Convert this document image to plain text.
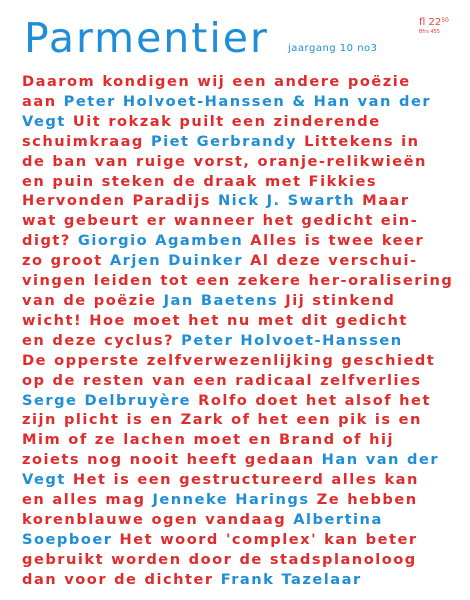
Parmentier jaargang 10 no3
fl $22^{50}$
Bfrs 455
Daarom kondigen wij een andere poëzie
aan Peter Holvoet-Hanssen & Han van der
Vegt Uit rokzak puilt een zinderende
schuimkraag Piet Gerbrandy Littekens in
de ban van ruige vorst, oranje-relikwieën
en puin steken de draak met Fikkies
Hervonden Paradijs Nick J. Swarth Maar
wat gebeurt er wanneer het gedicht ein-
digt? Giorgio Agamben Alles is twee keer
zo groot Arjen Duinker Al deze verschui-
vingen leiden tot een zekere her-oralisering
van de poëzie Jan Baetens Jij stinkend
wicht! Hoe moet het nu met dit gedicht
en deze cyclus? Peter Holvoet-Hanssen
De opperste zelfverwezenlijking geschiedt
op de resten van een radicaal zelfverlies
Serge Delbruyère Rolfo doet het alsof het
zijn plicht is en Zark of het een pik is en
Mim of ze lachen moet en Brand of hij
zoiets nog nooit heeft gedaan Han van der
Vegt Het is een gestructureerd alles kan
en alles mag Jenneke Harings Ze hebben
korenblauwe ogen vandaag Albertina
Soepboer Het woord 'complex' kan beter
gebruikt worden door de stadsplanoloog
dan voor de dichter Frank Tazelaar
